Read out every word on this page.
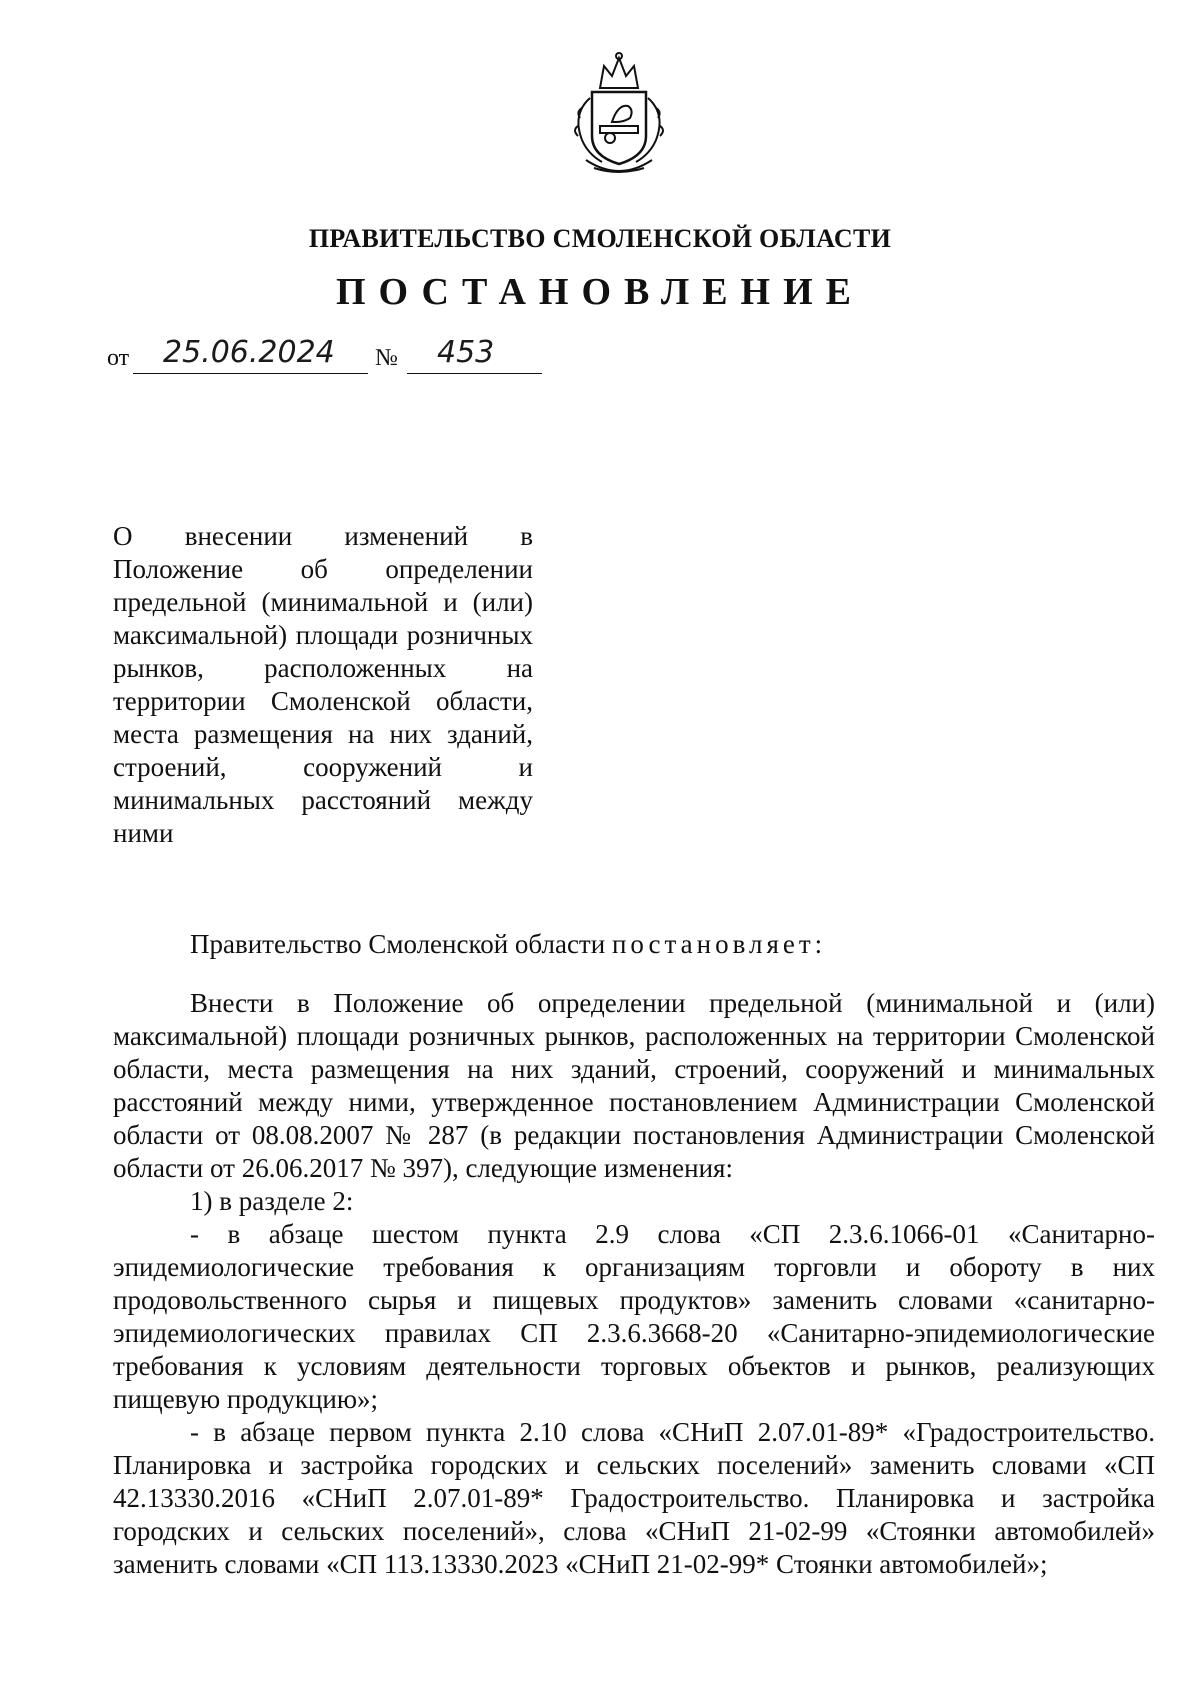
ПРАВИТЕЛЬСТВО СМОЛЕНСКОЙ ОБЛАСТИ
ПОСТАНОВЛЕНИЕ
от	25.06.2024	№	453
О внесении изменений в Положение об определении предельной (минимальной и (или) максимальной) площади розничных рынков, расположенных на территории Смоленской области, места размещения на них зданий, строений, сооружений и минимальных расстояний между ними

Правительство Смоленской области постановляет:

Внести в Положение об определении предельной (минимальной и (или) максимальной) площади розничных рынков, расположенных на территории Смоленской области, места размещения на них зданий, строений, сооружений и минимальных расстояний между ними, утвержденное постановлением Администрации Смоленской области от 08.08.2007 № 287 (в редакции постановления Администрации Смоленской области от 26.06.2017 № 397), следующие изменения:

1) в разделе 2:

- в абзаце шестом пункта 2.9 слова «СП 2.3.6.1066-01 «Санитарно-эпидемиологические требования к организациям торговли и обороту в них продовольственного сырья и пищевых продуктов» заменить словами «санитарно-эпидемиологических правилах СП 2.3.6.3668-20 «Санитарно-эпидемиологические требования к условиям деятельности торговых объектов и рынков, реализующих пищевую продукцию»;

- в абзаце первом пункта 2.10 слова «СНиП 2.07.01-89* «Градостроительство. Планировка и застройка городских и сельских поселений» заменить словами «СП 42.13330.2016 «СНиП 2.07.01-89* Градостроительство. Планировка и застройка городских и сельских поселений», слова «СНиП 21-02-99 «Стоянки автомобилей» заменить словами «СП 113.13330.2023 «СНиП 21-02-99* Стоянки автомобилей»;
